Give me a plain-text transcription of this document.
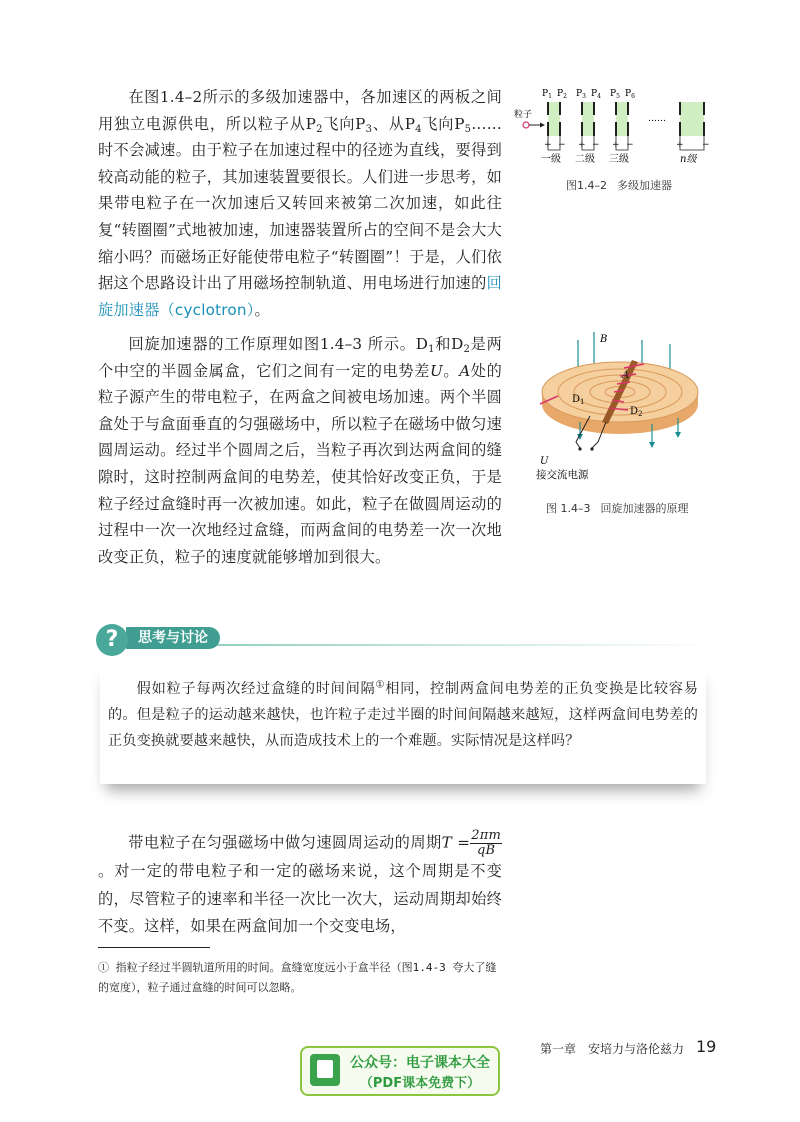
在图1.4–2所示的多级加速器中，各加速区的两板之间用独立电源供电，所以粒子从$P_2$飞向$P_3$、从$P_4$飞向$P_5\dots\dots$时不会减速。由于粒子在加速过程中的径迹为直线，要得到较高动能的粒子，其加速装置要很长。人们进一步思考，如果带电粒子在一次加速后又转回来被第二次加速，如此往复“转圈圈”式地被加速，加速器装置所占的空间不是会大大缩小吗？而磁场正好能使带电粒子“转圈圈”！于是，人们依据这个思路设计出了用磁场控制轨道、用电场进行加速的回旋加速器（cyclotron）。

回旋加速器的工作原理如图1.4–3 所示。$D_1$和$D_2$是两个中空的半圆金属盒，它们之间有一定的电势差U。A处的粒子源产生的带电粒子，在两盒之间被电场加速。两个半圆盒处于与盒面垂直的匀强磁场中，所以粒子在磁场中做匀速圆周运动。经过半个圆周之后，当粒子再次到达两盒间的缝隙时，这时控制两盒间的电势差，使其恰好改变正负，于是粒子经过盒缝时再一次被加速。如此，粒子在做圆周运动的过程中一次一次地经过盒缝，而两盒间的电势差一次一次地改变正负，粒子的速度就能够增加到很大。

$P_1$ $P_2$ $P_3$ $P_4$ $P_5$ $P_6$
粒子	……
+ − + − + −	+ −
一级 二级 三级	n级
图1.4–2 多级加速器
B
A
$D_1$
$D_2$
U
接交流电源
图 1.4–3 回旋加速器的原理
思考与讨论
?

假如粒子每两次经过盒缝的时间间隔①相同，控制两盒间电势差的正负变换是比较容易的。但是粒子的运动越来越快，也许粒子走过半圈的时间间隔越来越短，这样两盒间电势差的正负变换就要越来越快，从而造成技术上的一个难题。实际情况是这样吗？

带电粒子在匀强磁场中做匀速圆周运动的周期$T = \frac{2\pi m}{qB}$
。对一定的带电粒子和一定的磁场来说，这个周期是不变的，尽管粒子的速率和半径一次比一次大，运动周期却始终不变。这样，如果在两盒间加一个交变电场，

① 指粒子经过半圆轨道所用的时间。盒缝宽度远小于盒半径（图1.4-3 夸大了缝的宽度），粒子通过盒缝的时间可以忽略。

第一章　安培力与洛伦兹力 19
公众号：电子课本大全
（PDF课本免费下）
